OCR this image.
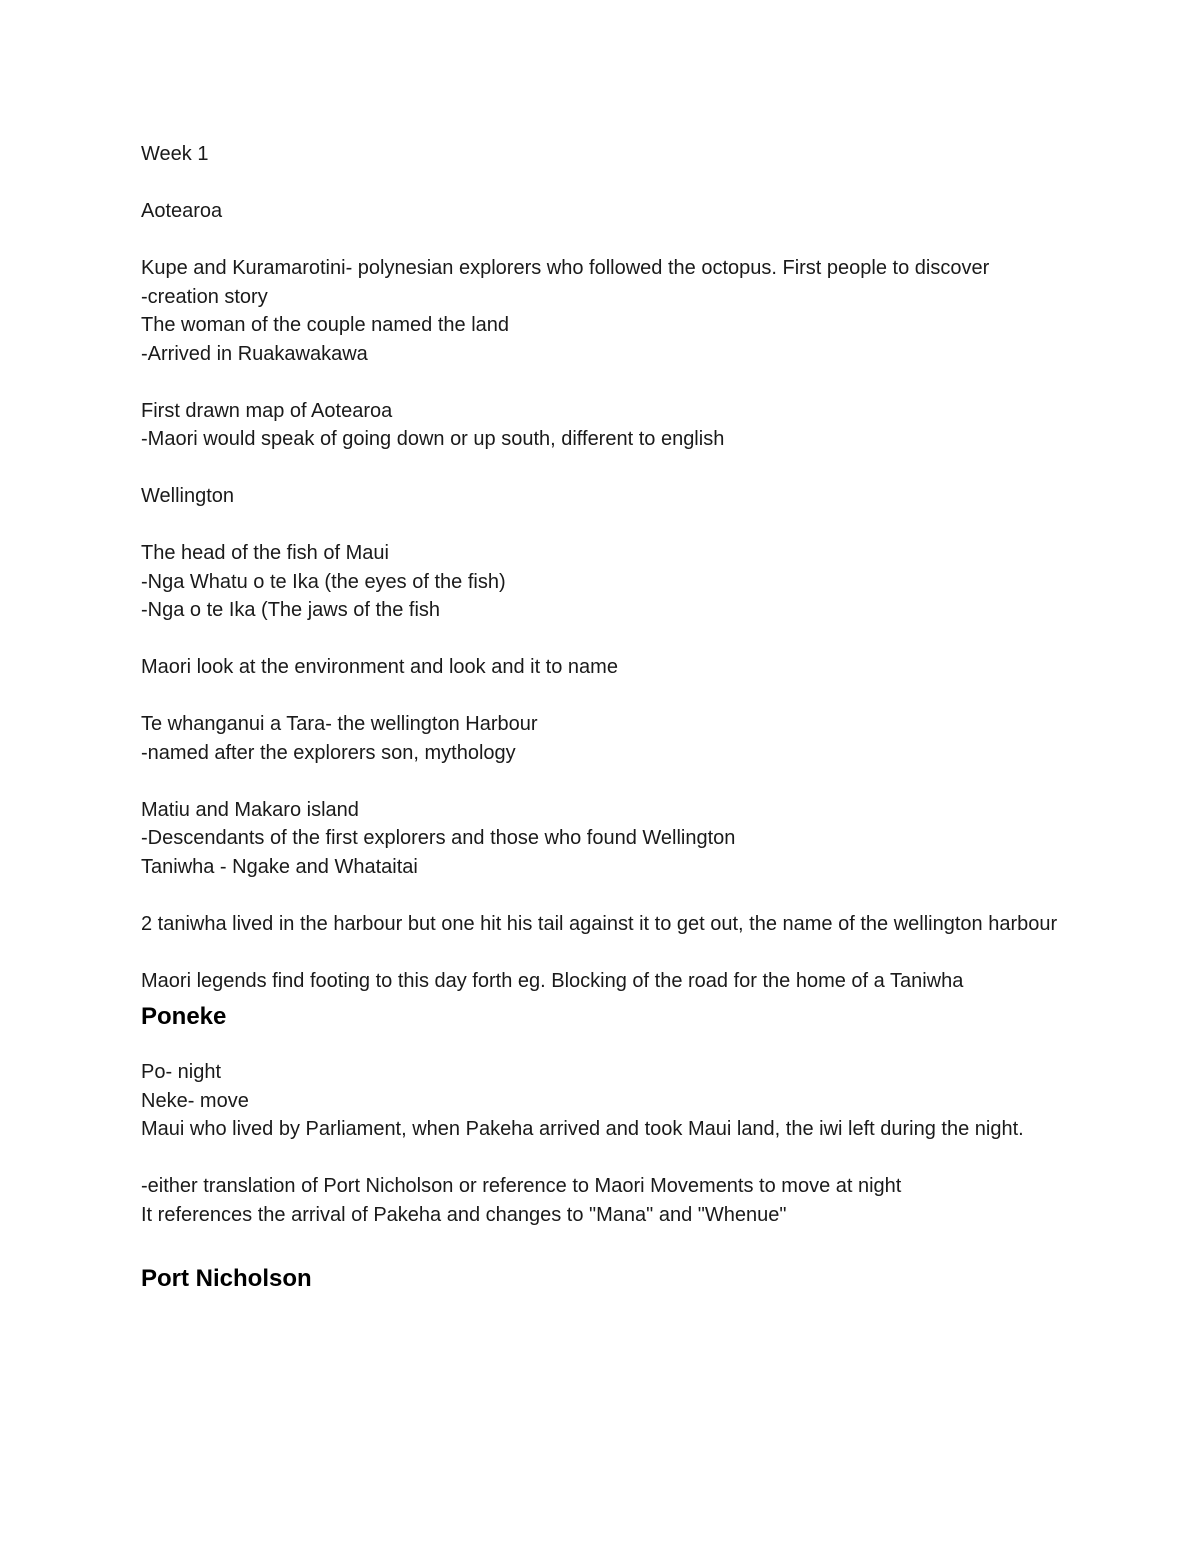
Week 1
Aotearoa
Kupe and Kuramarotini- polynesian explorers who followed the octopus. First people to discover
-creation story
The woman of the couple named the land
-Arrived in Ruakawakawa
First drawn map of Aotearoa
-Maori would speak of going down or up south, different to english
Wellington
The head of the fish of Maui
-Nga Whatu o te Ika (the eyes of the fish)
-Nga o te Ika (The jaws of the fish
Maori look at the environment and look and it to name
Te whanganui a Tara- the wellington Harbour
-named after the explorers son, mythology
Matiu and Makaro island
-Descendants of the first explorers and those who found Wellington
Taniwha - Ngake and Whataitai
2 taniwha lived in the harbour but one hit his tail against it to get out, the name of the wellington harbour
Maori legends find footing to this day forth eg. Blocking of the road for the home of a Taniwha
Poneke
Po- night
Neke- move
Maui who lived by Parliament, when Pakeha arrived and took Maui land, the iwi left during the night.
-either translation of Port Nicholson or reference to Maori Movements to move at night
It references the arrival of Pakeha and changes to "Mana" and "Whenue"
Port Nicholson
